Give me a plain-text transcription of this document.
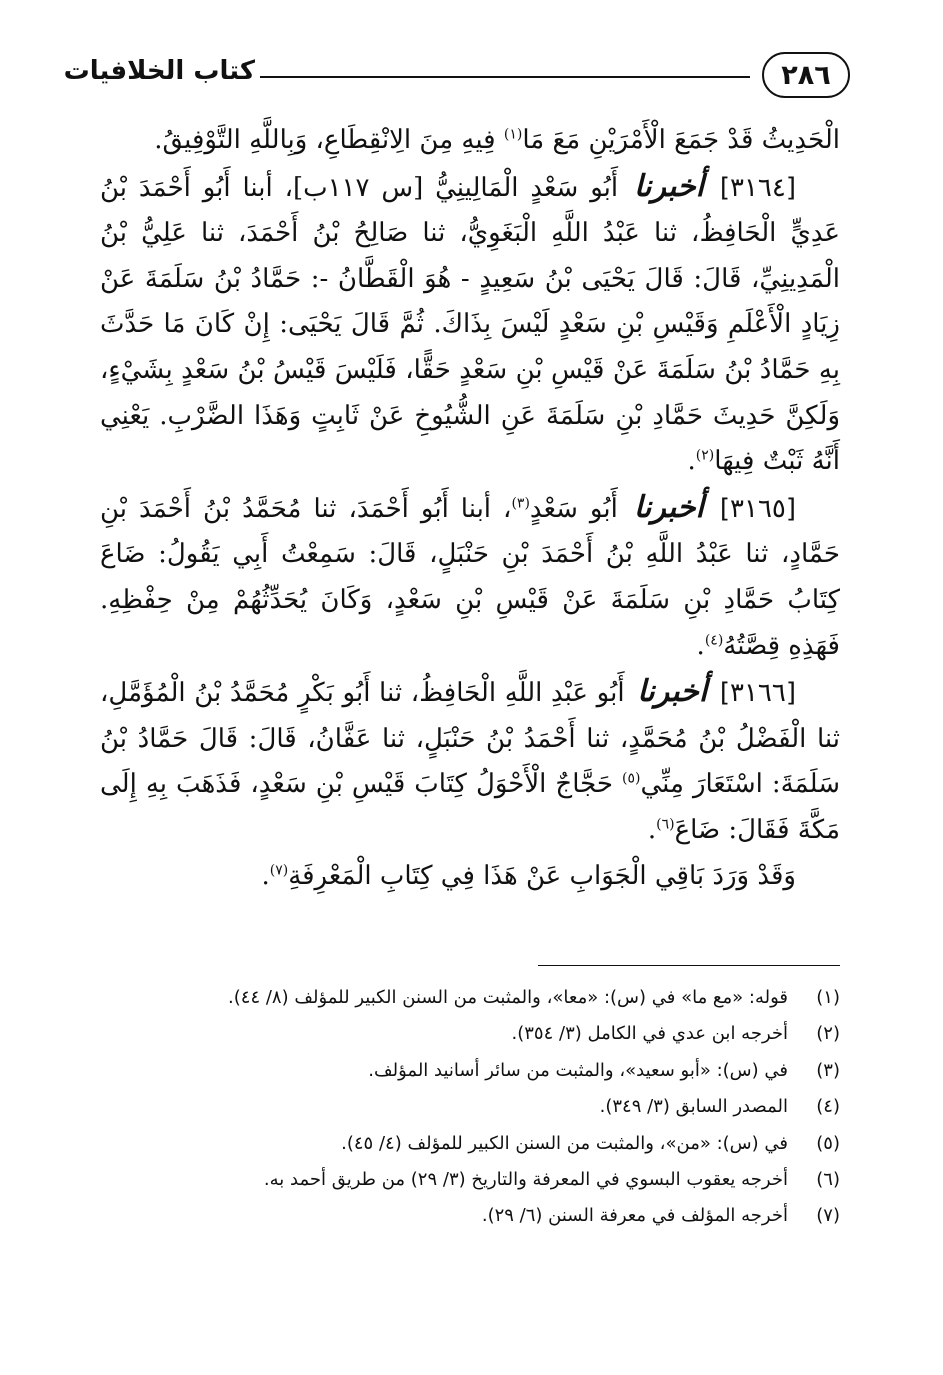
٢٨٦
كتاب الخلافيات

الْحَدِيثُ قَدْ جَمَعَ الْأَمْرَيْنِ مَعَ مَا$^{(١)}$ فِيهِ مِنَ الِانْقِطَاعِ، وَبِاللَّهِ التَّوْفِيقُ.

[٣١٦٤] أخبرنا أَبُو سَعْدٍ الْمَالِينِيُّ [س ١١٧ب]، أبنا أَبُو أَحْمَدَ بْنُ عَدِيٍّ الْحَافِظُ، ثنا عَبْدُ اللَّهِ الْبَغَوِيُّ، ثنا صَالِحُ بْنُ أَحْمَدَ، ثنا عَلِيُّ بْنُ الْمَدِينِيِّ، قَالَ: قَالَ يَحْيَى بْنُ سَعِيدٍ - هُوَ الْقَطَّانُ -: حَمَّادُ بْنُ سَلَمَةَ عَنْ زِيَادٍ الْأَعْلَمِ وَقَيْسِ بْنِ سَعْدٍ لَيْسَ بِذَاكَ. ثُمَّ قَالَ يَحْيَى: إِنْ كَانَ مَا حَدَّثَ بِهِ حَمَّادُ بْنُ سَلَمَةَ عَنْ قَيْسِ بْنِ سَعْدٍ حَقًّا، فَلَيْسَ قَيْسُ بْنُ سَعْدٍ بِشَيْءٍ، وَلَكِنَّ حَدِيثَ حَمَّادِ بْنِ سَلَمَةَ عَنِ الشُّيُوخِ عَنْ ثَابِتٍ وَهَذَا الضَّرْبِ. يَعْنِي أَنَّهُ ثَبْتٌ فِيهَا$^{(٢)}$.

[٣١٦٥] أخبرنا أَبُو سَعْدٍ$^{(٣)}$، أبنا أَبُو أَحْمَدَ، ثنا مُحَمَّدُ بْنُ أَحْمَدَ بْنِ حَمَّادٍ، ثنا عَبْدُ اللَّهِ بْنُ أَحْمَدَ بْنِ حَنْبَلٍ، قَالَ: سَمِعْتُ أَبِي يَقُولُ: ضَاعَ كِتَابُ حَمَّادِ بْنِ سَلَمَةَ عَنْ قَيْسِ بْنِ سَعْدٍ، وَكَانَ يُحَدِّثُهُمْ مِنْ حِفْظِهِ. فَهَذِهِ قِصَّتُهُ$^{(٤)}$.

[٣١٦٦] أخبرنا أَبُو عَبْدِ اللَّهِ الْحَافِظُ، ثنا أَبُو بَكْرٍ مُحَمَّدُ بْنُ الْمُؤَمَّلِ، ثنا الْفَضْلُ بْنُ مُحَمَّدٍ، ثنا أَحْمَدُ بْنُ حَنْبَلٍ، ثنا عَفَّانُ، قَالَ: قَالَ حَمَّادُ بْنُ سَلَمَةَ: اسْتَعَارَ مِنِّي$^{(٥)}$ حَجَّاجٌ الْأَحْوَلُ كِتَابَ قَيْسِ بْنِ سَعْدٍ، فَذَهَبَ بِهِ إِلَى مَكَّةَ فَقَالَ: ضَاعَ$^{(٦)}$.

وَقَدْ وَرَدَ بَاقِي الْجَوَابِ عَنْ هَذَا فِي كِتَابِ الْمَعْرِفَةِ$^{(٧)}$.

(١)
قوله: «مع ما» في (س): «معا»، والمثبت من السنن الكبير للمؤلف (٨/ ٤٤).
(٢)
أخرجه ابن عدي في الكامل (٣/ ٣٥٤).
(٣)
في (س): «أبو سعيد»، والمثبت من سائر أسانيد المؤلف.
(٤)
المصدر السابق (٣/ ٣٤٩).
(٥)
في (س): «من»، والمثبت من السنن الكبير للمؤلف (٤/ ٤٥).
(٦)
أخرجه يعقوب البسوي في المعرفة والتاريخ (٣/ ٢٩) من طريق أحمد به.
(٧)
أخرجه المؤلف في معرفة السنن (٦/ ٢٩).
